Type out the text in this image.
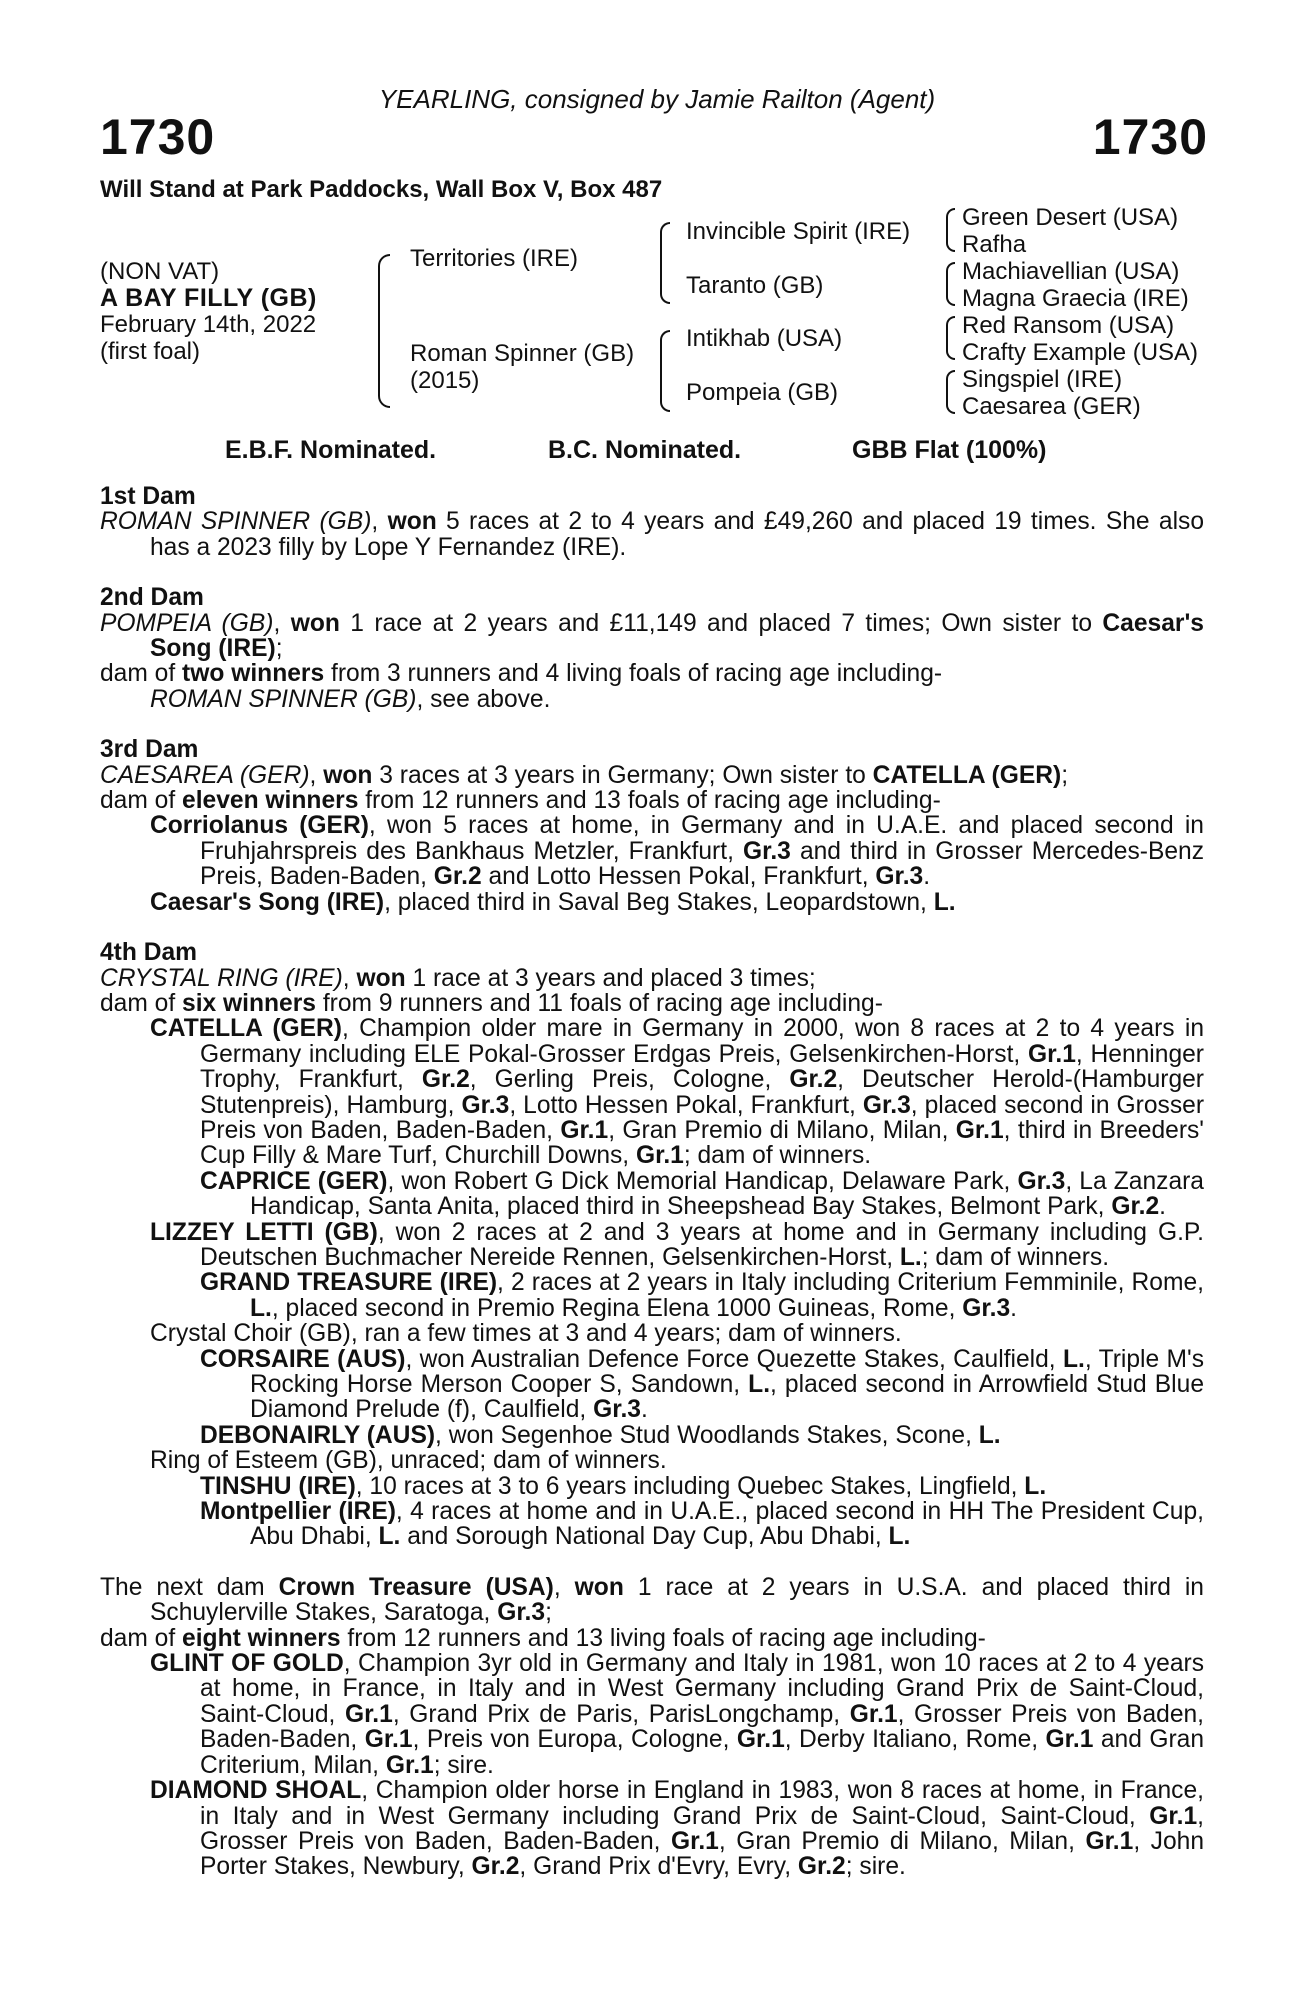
YEARLING, consigned by Jamie Railton (Agent)
1730	1730
Will Stand at Park Paddocks, Wall Box V, Box 487
(NON VAT)
A BAY FILLY (GB)
February 14th, 2022
(first foal)
Territories (IRE)
Roman Spinner (GB)
(2015)
Invincible Spirit (IRE)
Taranto (GB)
Intikhab (USA)
Pompeia (GB)
Green Desert (USA)
Rafha
Machiavellian (USA)
Magna Graecia (IRE)
Red Ransom (USA)
Crafty Example (USA)
Singspiel (IRE)
Caesarea (GER)
E.B.F. Nominated.	B.C. Nominated.	GBB Flat (100%)
1st Dam
ROMAN SPINNER (GB), won 5 races at 2 to 4 years and £49,260 and placed 19 times. She also has a 2023 filly by Lope Y Fernandez (IRE).
2nd Dam
POMPEIA (GB), won 1 race at 2 years and £11,149 and placed 7 times; Own sister to Caesar's Song (IRE);
dam of two winners from 3 runners and 4 living foals of racing age including-
ROMAN SPINNER (GB), see above.
3rd Dam
CAESAREA (GER), won 3 races at 3 years in Germany; Own sister to CATELLA (GER);
dam of eleven winners from 12 runners and 13 foals of racing age including-
Corriolanus (GER), won 5 races at home, in Germany and in U.A.E. and placed second in Fruhjahrspreis des Bankhaus Metzler, Frankfurt, Gr.3 and third in Grosser Mercedes-Benz Preis, Baden-Baden, Gr.2 and Lotto Hessen Pokal, Frankfurt, Gr.3.
Caesar's Song (IRE), placed third in Saval Beg Stakes, Leopardstown, L.
4th Dam
CRYSTAL RING (IRE), won 1 race at 3 years and placed 3 times;
dam of six winners from 9 runners and 11 foals of racing age including-
CATELLA (GER), Champion older mare in Germany in 2000, won 8 races at 2 to 4 years in Germany including ELE Pokal-Grosser Erdgas Preis, Gelsenkirchen-Horst, Gr.1, Henninger Trophy, Frankfurt, Gr.2, Gerling Preis, Cologne, Gr.2, Deutscher Herold-(Hamburger Stutenpreis), Hamburg, Gr.3, Lotto Hessen Pokal, Frankfurt, Gr.3, placed second in Grosser Preis von Baden, Baden-Baden, Gr.1, Gran Premio di Milano, Milan, Gr.1, third in Breeders' Cup Filly & Mare Turf, Churchill Downs, Gr.1; dam of winners.
CAPRICE (GER), won Robert G Dick Memorial Handicap, Delaware Park, Gr.3, La Zanzara Handicap, Santa Anita, placed third in Sheepshead Bay Stakes, Belmont Park, Gr.2.
LIZZEY LETTI (GB), won 2 races at 2 and 3 years at home and in Germany including G.P. Deutschen Buchmacher Nereide Rennen, Gelsenkirchen-Horst, L.; dam of winners.
GRAND TREASURE (IRE), 2 races at 2 years in Italy including Criterium Femminile, Rome, L., placed second in Premio Regina Elena 1000 Guineas, Rome, Gr.3.
Crystal Choir (GB), ran a few times at 3 and 4 years; dam of winners.
CORSAIRE (AUS), won Australian Defence Force Quezette Stakes, Caulfield, L., Triple M's Rocking Horse Merson Cooper S, Sandown, L., placed second in Arrowfield Stud Blue Diamond Prelude (f), Caulfield, Gr.3.
DEBONAIRLY (AUS), won Segenhoe Stud Woodlands Stakes, Scone, L.
Ring of Esteem (GB), unraced; dam of winners.
TINSHU (IRE), 10 races at 3 to 6 years including Quebec Stakes, Lingfield, L.
Montpellier (IRE), 4 races at home and in U.A.E., placed second in HH The President Cup, Abu Dhabi, L. and Sorough National Day Cup, Abu Dhabi, L.
The next dam Crown Treasure (USA), won 1 race at 2 years in U.S.A. and placed third in Schuylerville Stakes, Saratoga, Gr.3;
dam of eight winners from 12 runners and 13 living foals of racing age including-
GLINT OF GOLD, Champion 3yr old in Germany and Italy in 1981, won 10 races at 2 to 4 years at home, in France, in Italy and in West Germany including Grand Prix de Saint-Cloud, Saint-Cloud, Gr.1, Grand Prix de Paris, ParisLongchamp, Gr.1, Grosser Preis von Baden, Baden-Baden, Gr.1, Preis von Europa, Cologne, Gr.1, Derby Italiano, Rome, Gr.1 and Gran Criterium, Milan, Gr.1; sire.
DIAMOND SHOAL, Champion older horse in England in 1983, won 8 races at home, in France, in Italy and in West Germany including Grand Prix de Saint-Cloud, Saint-Cloud, Gr.1, Grosser Preis von Baden, Baden-Baden, Gr.1, Gran Premio di Milano, Milan, Gr.1, John Porter Stakes, Newbury, Gr.2, Grand Prix d'Evry, Evry, Gr.2; sire.
